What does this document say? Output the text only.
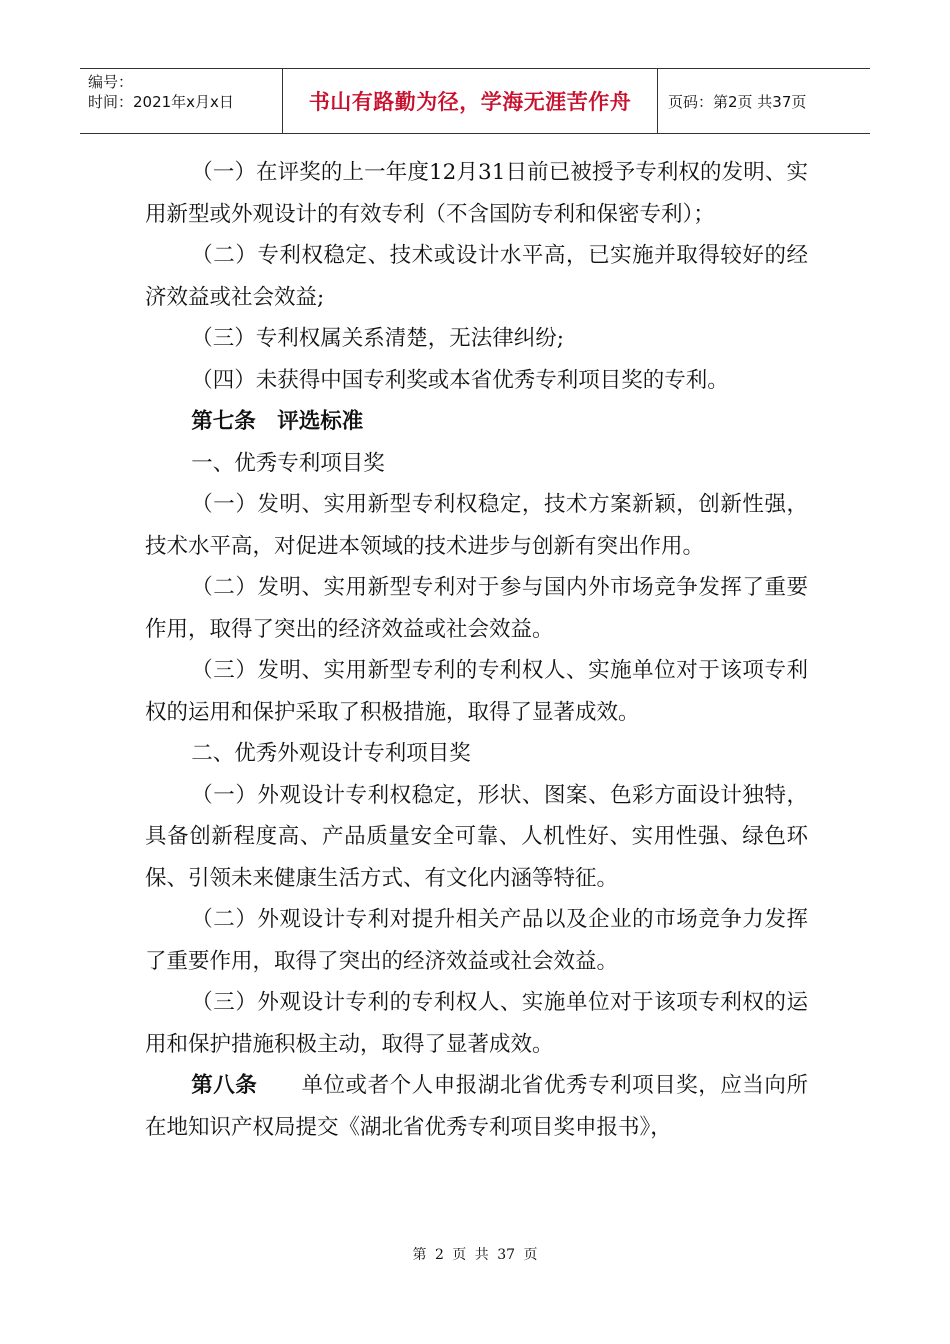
编号：
时间：2021年x月x日	书山有路勤为径，学海无涯苦作舟	页码：第2页 共37页

（一）在评奖的上一年度12月31日前已被授予专利权的发明、实用新型或外观设计的有效专利（不含国防专利和保密专利）；

（二）专利权稳定、技术或设计水平高，已实施并取得较好的经济效益或社会效益;

（三）专利权属关系清楚，无法律纠纷;

（四）未获得中国专利奖或本省优秀专利项目奖的专利。

第七条　评选标准

一、优秀专利项目奖

（一）发明、实用新型专利权稳定，技术方案新颖，创新性强，技术水平高，对促进本领域的技术进步与创新有突出作用。

（二）发明、实用新型专利对于参与国内外市场竞争发挥了重要作用，取得了突出的经济效益或社会效益。

（三）发明、实用新型专利的专利权人、实施单位对于该项专利权的运用和保护采取了积极措施，取得了显著成效。

二、优秀外观设计专利项目奖

（一）外观设计专利权稳定，形状、图案、色彩方面设计独特，具备创新程度高、产品质量安全可靠、人机性好、实用性强、绿色环保、引领未来健康生活方式、有文化内涵等特征。

（二）外观设计专利对提升相关产品以及企业的市场竞争力发挥了重要作用，取得了突出的经济效益或社会效益。

（三）外观设计专利的专利权人、实施单位对于该项专利权的运用和保护措施积极主动，取得了显著成效。

第八条　　单位或者个人申报湖北省优秀专利项目奖，应当向所在地知识产权局提交《湖北省优秀专利项目奖申报书》，

第 2 页 共 37 页
